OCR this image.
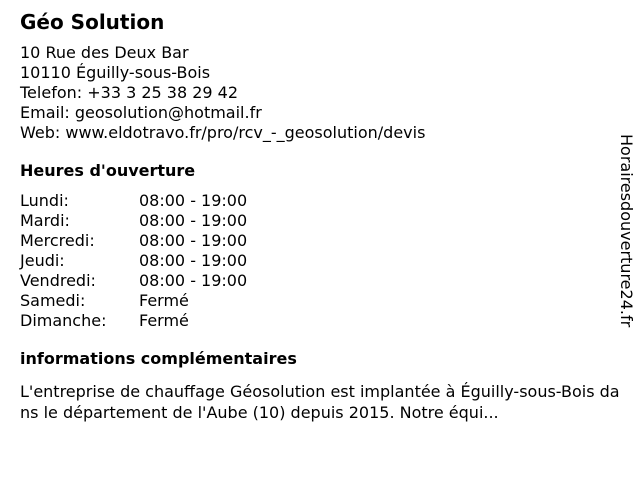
Géo Solution
10 Rue des Deux Bar
10110 Éguilly-sous-Bois
Telefon: +33 3 25 38 29 42
Email: geosolution@hotmail.fr
Web: www.eldotravo.fr/pro/rcv_-_geosolution/devis
Heures d'ouverture
Lundi:	08:00 - 19:00
Mardi:	08:00 - 19:00
Mercredi:	08:00 - 19:00
Jeudi:	08:00 - 19:00
Vendredi:	08:00 - 19:00
Samedi:	Fermé
Dimanche:	Fermé
informations complémentaires
L'entreprise de chauffage Géosolution est implantée à Éguilly-sous-Bois dans le département de l'Aube (10) depuis 2015. Notre équi...
Horairesdouverture24.fr
